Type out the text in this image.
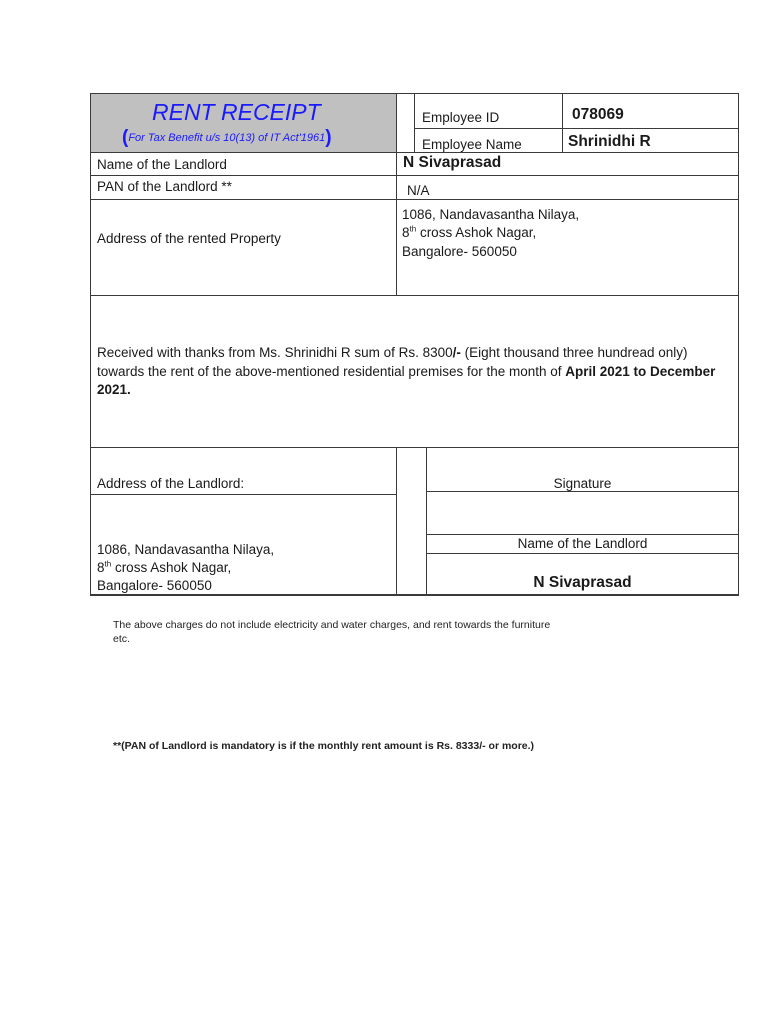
RENT RECEIPT
(For Tax Benefit u/s 10(13) of IT Act'1961)
Employee ID	078069
Employee Name	Shrinidhi R
Name of the Landlord	N Sivaprasad
PAN of the Landlord **	N/A
Address of the rented Property
1086, Nandavasantha Nilaya,
8th cross Ashok Nagar,
Bangalore- 560050
Received with thanks from Ms. Shrinidhi R sum of Rs. 8300/- (Eight thousand three hundread only) towards the rent of the above-mentioned residential premises for the month of April 2021 to December 2021.
Address of the Landlord:
1086, Nandavasantha Nilaya,
8th cross Ashok Nagar,
Bangalore- 560050
Signature
Name of the Landlord
N Sivaprasad
The above charges do not include electricity and water charges, and rent towards the furniture
etc.
**(PAN of Landlord is mandatory is if the monthly rent amount is Rs. 8333/- or more.)
